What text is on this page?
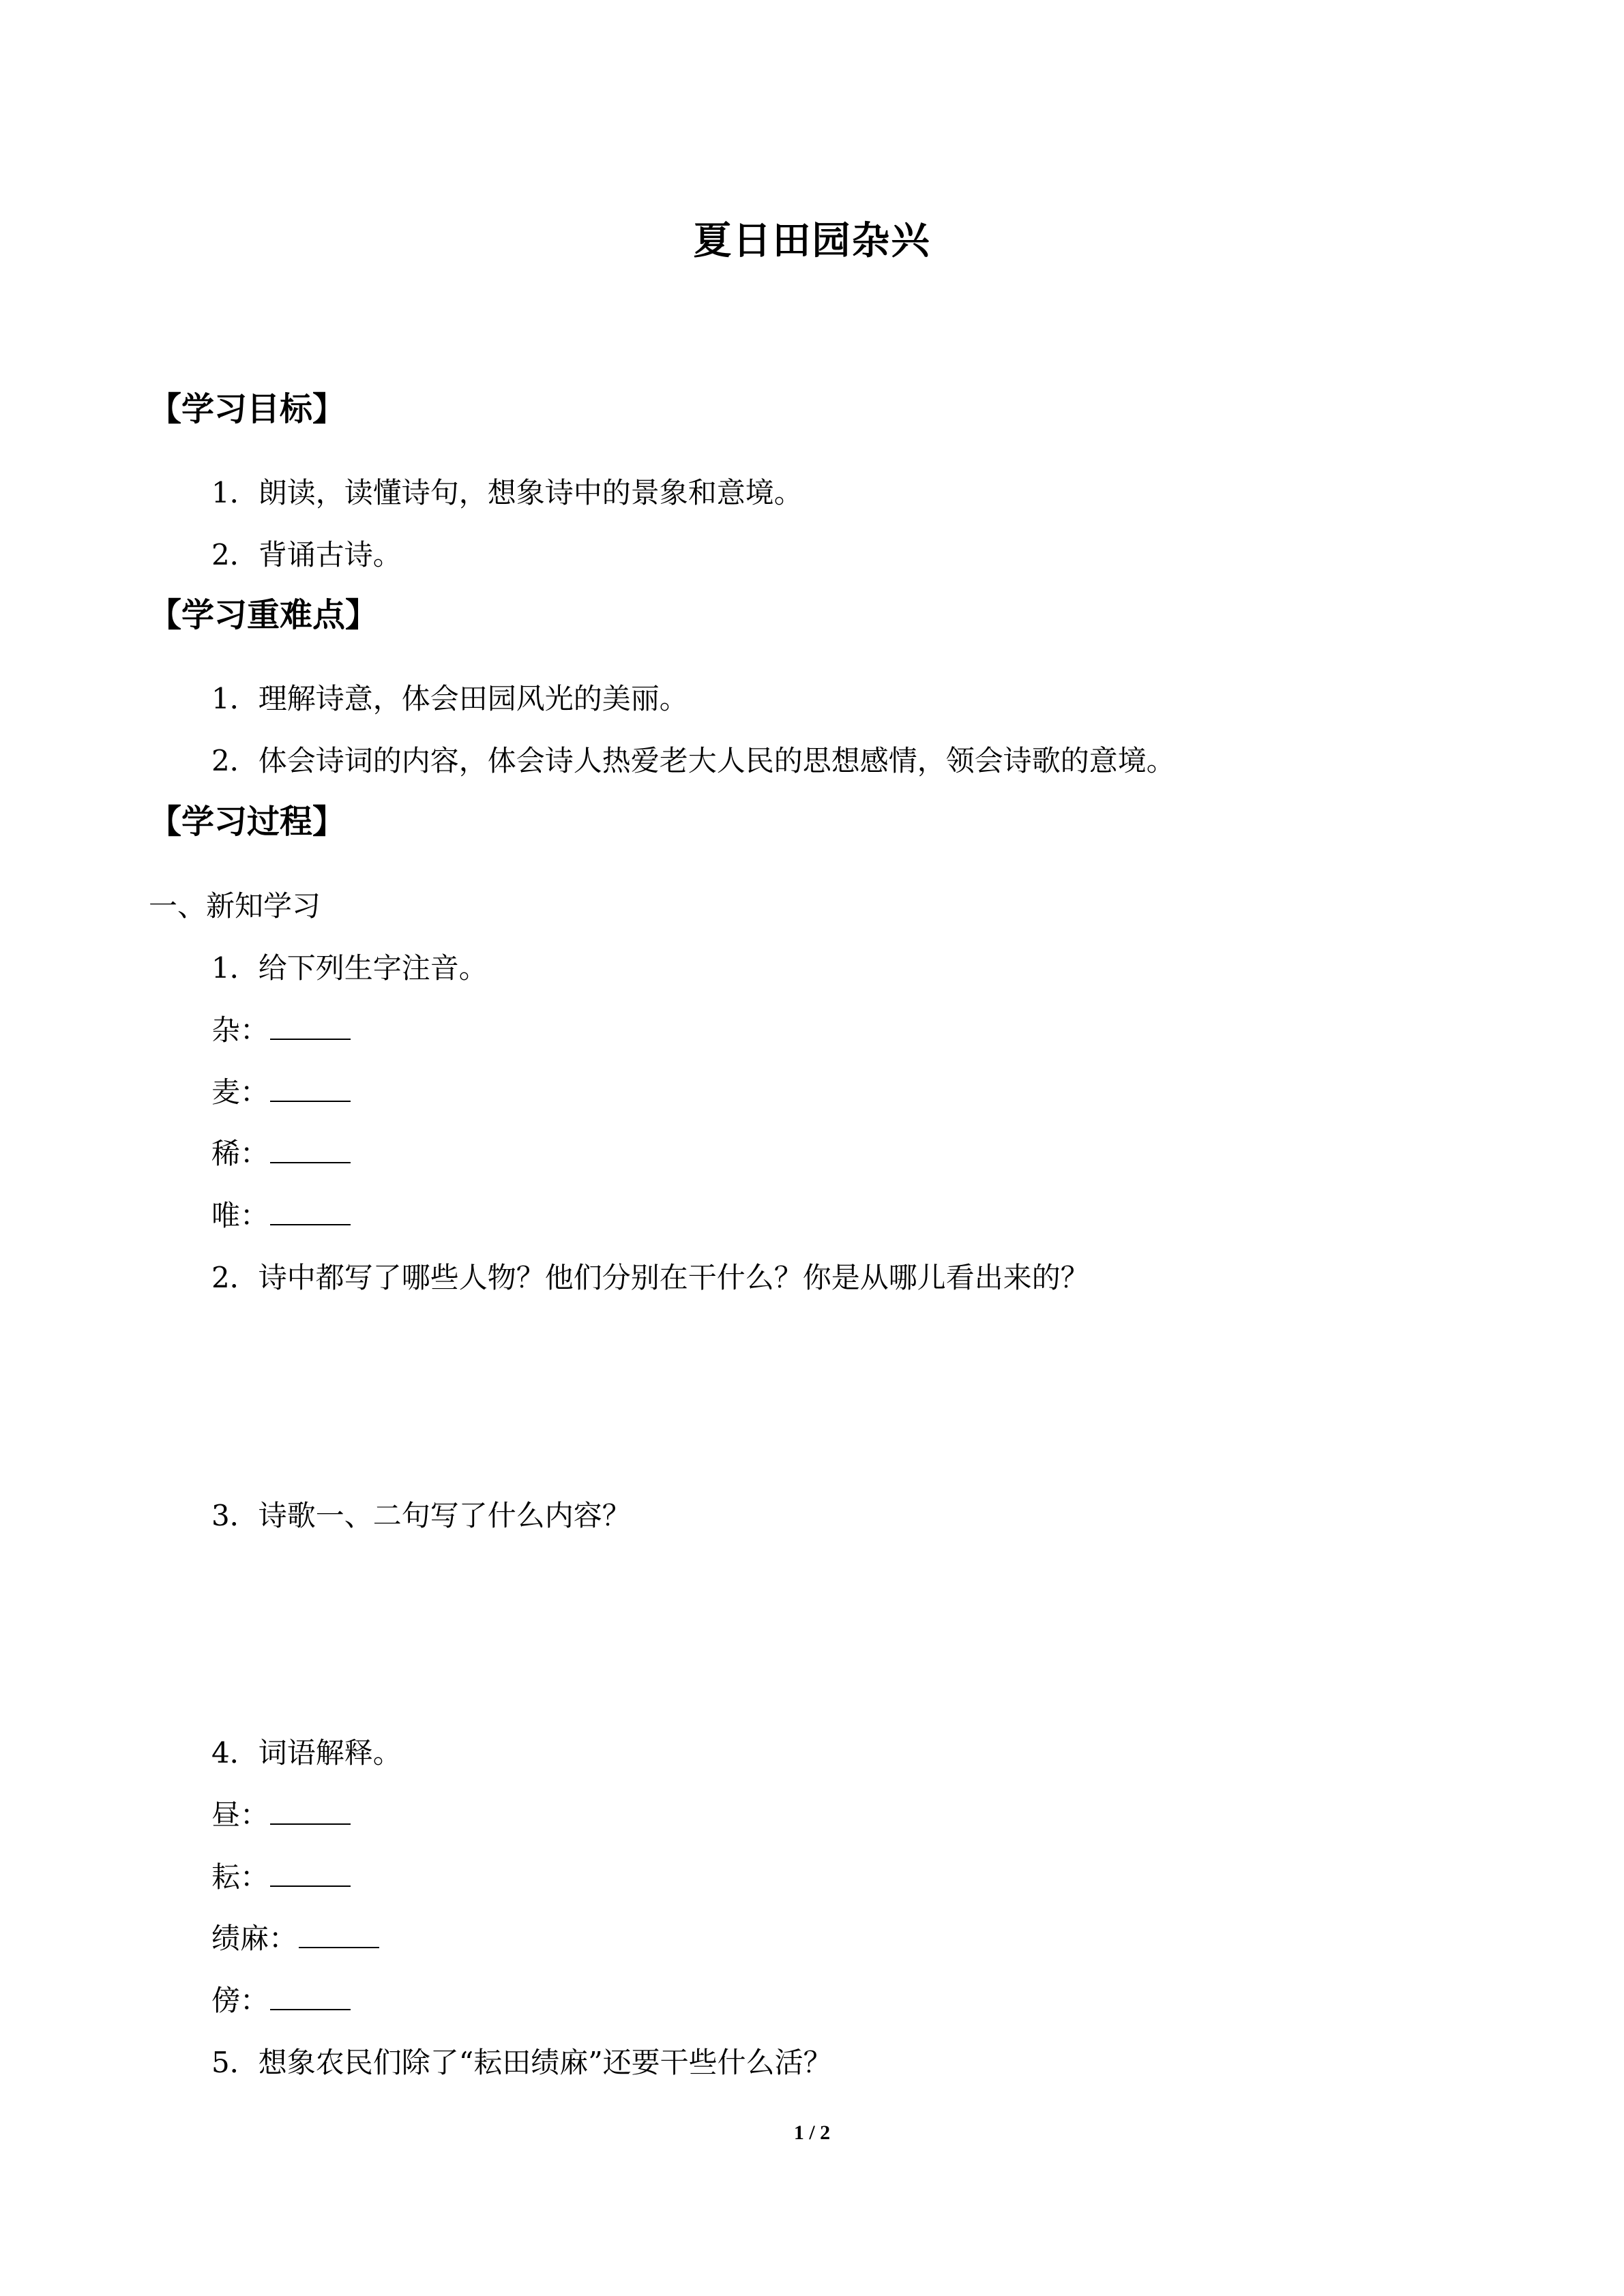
夏日田园杂兴
【学习目标】
1．朗读，读懂诗句，想象诗中的景象和意境。
2．背诵古诗。
【学习重难点】
1．理解诗意，体会田园风光的美丽。
2．体会诗词的内容，体会诗人热爱老大人民的思想感情，领会诗歌的意境。
【学习过程】
一、新知学习
1．给下列生字注音。
杂：
麦：
稀：
唯：
2．诗中都写了哪些人物？他们分别在干什么？你是从哪儿看出来的？
3．诗歌一、二句写了什么内容？
4．词语解释。
昼：
耘：
绩麻：
傍：
5．想象农民们除了“耘田绩麻”还要干些什么活？
1 / 2
